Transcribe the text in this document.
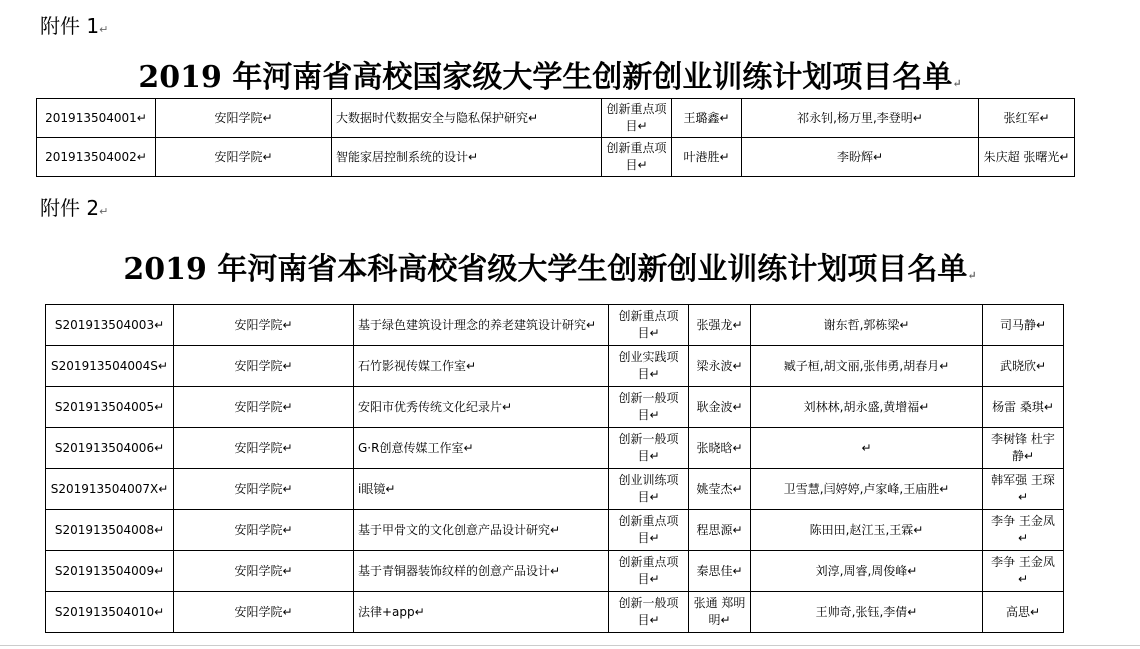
附件 1↵
2019 年河南省高校国家级大学生创新创业训练计划项目名单↵
201913504001↵	安阳学院↵	大数据时代数据安全与隐私保护研究↵	创新重点项目↵	王璐鑫↵	祁永钊,杨万里,李登明↵	张红军↵
201913504002↵	安阳学院↵	智能家居控制系统的设计↵	创新重点项目↵	叶港胜↵	李盼辉↵	朱庆超 张曙光↵
附件 2↵
2019 年河南省本科高校省级大学生创新创业训练计划项目名单↵
S201913504003↵	安阳学院↵	基于绿色建筑设计理念的养老建筑设计研究↵	创新重点项目↵	张强龙↵	谢东哲,郭栋梁↵	司马静↵
S201913504004S↵	安阳学院↵	石竹影视传媒工作室↵	创业实践项目↵	梁永波↵	臧子桓,胡文丽,张伟勇,胡春月↵	武晓欣↵
S201913504005↵	安阳学院↵	安阳市优秀传统文化纪录片↵	创新一般项目↵	耿金波↵	刘林林,胡永盛,黄增福↵	杨雷 桑琪↵
S201913504006↵	安阳学院↵	G·R创意传媒工作室↵	创新一般项目↵	张晓晗↵	↵	李树锋 杜宇静↵
S201913504007X↵	安阳学院↵	i眼镜↵	创业训练项目↵	姚莹杰↵	卫雪慧,闫婷婷,卢家峰,王庙胜↵	韩军强 王琛↵
S201913504008↵	安阳学院↵	基于甲骨文的文化创意产品设计研究↵	创新重点项目↵	程思源↵	陈田田,赵江玉,王霖↵	李争 王金凤↵
S201913504009↵	安阳学院↵	基于青铜器装饰纹样的创意产品设计↵	创新重点项目↵	秦思佳↵	刘淳,周睿,周俊峰↵	李争 王金凤↵
S201913504010↵	安阳学院↵	法律+app↵	创新一般项目↵	张通 郑明明↵	王帅奇,张钰,李倩↵	高思↵
